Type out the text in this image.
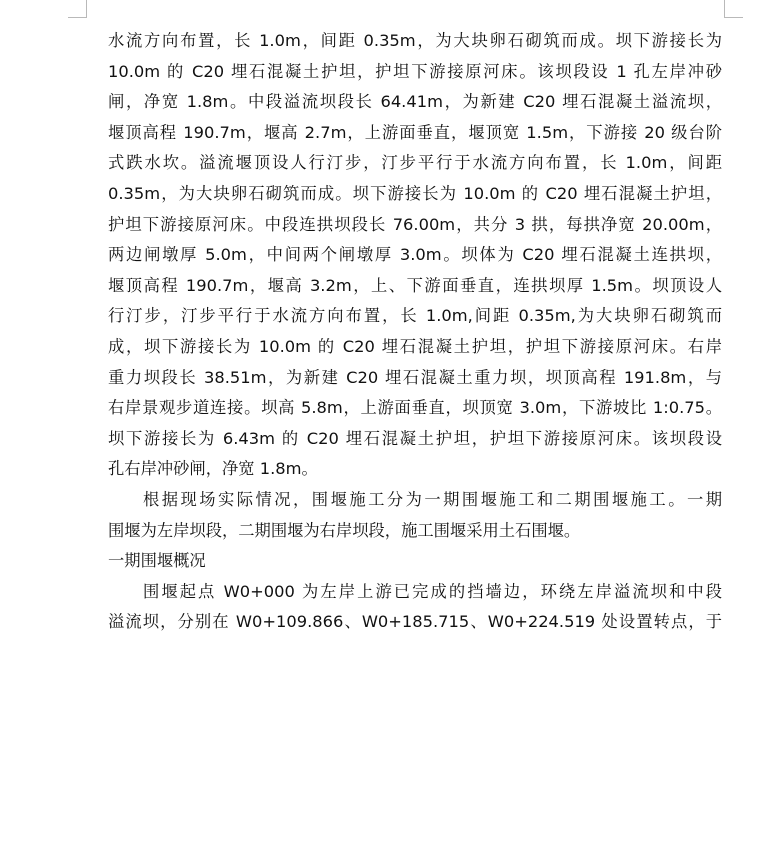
水流方向布置，长 1.0m，间距 0.35m，为大块卵石砌筑而成。坝下游接长为
10.0m 的 C20 埋石混凝土护坦，护坦下游接原河床。该坝段设 1 孔左岸冲砂
闸，净宽 1.8m。中段溢流坝段长 64.41m，为新建 C20 埋石混凝土溢流坝，
堰顶高程 190.7m，堰高 2.7m，上游面垂直，堰顶宽 1.5m，下游接 20 级台阶
式跌水坎。溢流堰顶设人行汀步，汀步平行于水流方向布置，长 1.0m，间距
0.35m，为大块卵石砌筑而成。坝下游接长为 10.0m 的 C20 埋石混凝土护坦，
护坦下游接原河床。中段连拱坝段长 76.00m，共分 3 拱，每拱净宽 20.00m，
两边闸墩厚 5.0m，中间两个闸墩厚 3.0m。坝体为 C20 埋石混凝土连拱坝，
堰顶高程 190.7m，堰高 3.2m，上、下游面垂直，连拱坝厚 1.5m。坝顶设人
行汀步，汀步平行于水流方向布置，长 1.0m,间距 0.35m,为大块卵石砌筑而
成，坝下游接长为 10.0m 的 C20 埋石混凝土护坦，护坦下游接原河床。右岸
重力坝段长 38.51m，为新建 C20 埋石混凝土重力坝，坝顶高程 191.8m，与
右岸景观步道连接。坝高 5.8m，上游面垂直，坝顶宽 3.0m，下游坡比 1:0.75。
坝下游接长为 6.43m 的 C20 埋石混凝土护坦，护坦下游接原河床。该坝段设
孔右岸冲砂闸，净宽 1.8m。
根据现场实际情况，围堰施工分为一期围堰施工和二期围堰施工。一期
围堰为左岸坝段，二期围堰为右岸坝段，施工围堰采用土石围堰。
一期围堰概况
围堰起点 W0+000 为左岸上游已完成的挡墙边，环绕左岸溢流坝和中段
溢流坝，分别在 W0+109.866、W0+185.715、W0+224.519 处设置转点，于
